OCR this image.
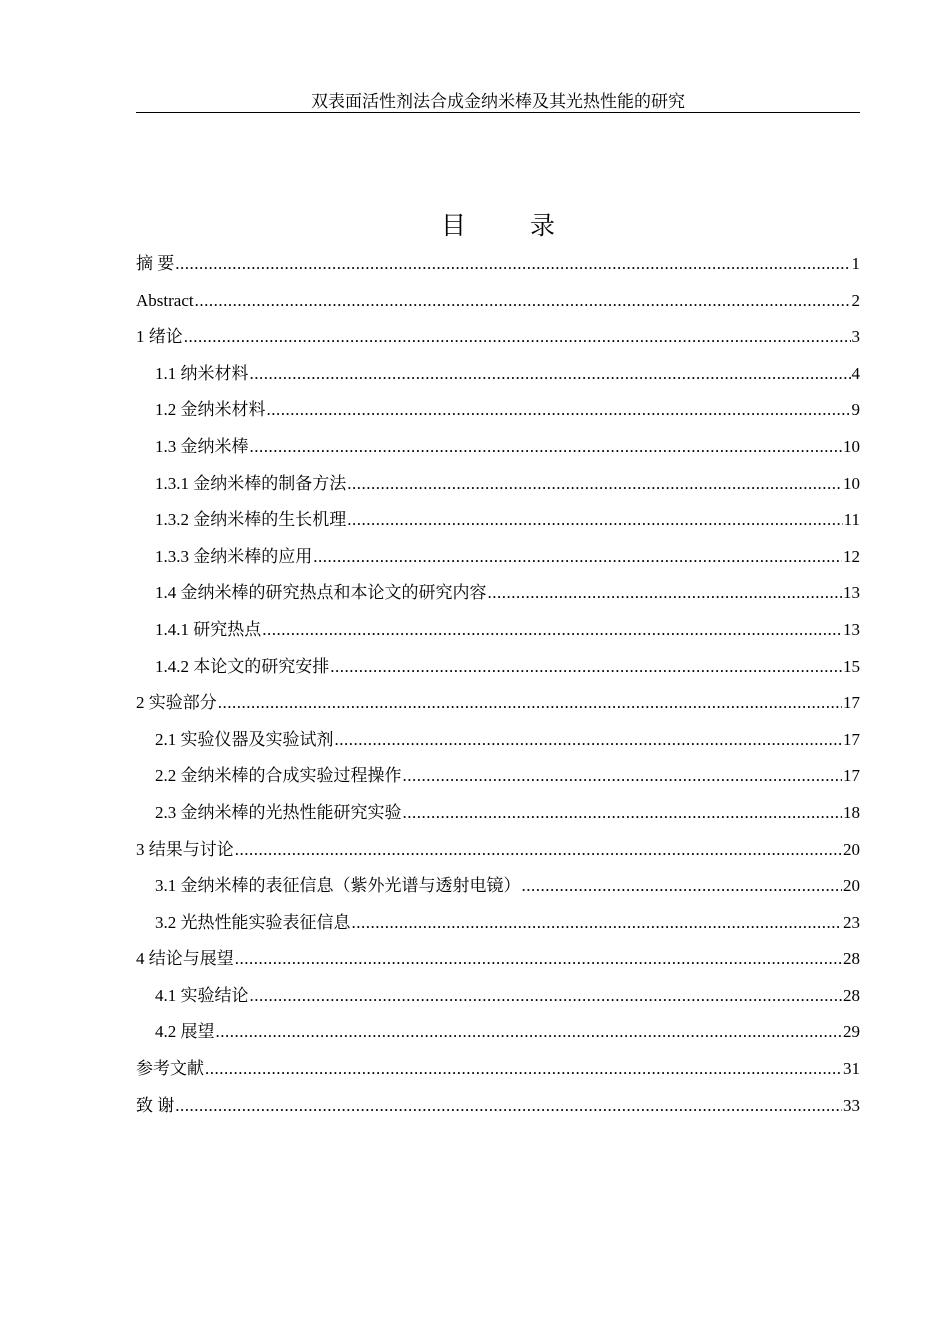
双表面活性剂法合成金纳米棒及其光热性能的研究
目 录
摘 要 .....	1
Abstract .....	2
1 绪论 .....	3
1.1 纳米材料 .....	4
1.2 金纳米材料 .....	9
1.3 金纳米棒 .....	10
1.3.1 金纳米棒的制备方法 .....	10
1.3.2 金纳米棒的生长机理 .....	11
1.3.3 金纳米棒的应用 .....	12
1.4 金纳米棒的研究热点和本论文的研究内容 .....	13
1.4.1 研究热点 .....	13
1.4.2 本论文的研究安排 .....	15
2 实验部分 .....	17
2.1 实验仪器及实验试剂 .....	17
2.2 金纳米棒的合成实验过程操作 .....	17
2.3 金纳米棒的光热性能研究实验 .....	18
3 结果与讨论 .....	20
3.1 金纳米棒的表征信息（紫外光谱与透射电镜） .....	20
3.2 光热性能实验表征信息 .....	23
4 结论与展望 .....	28
4.1 实验结论 .....	28
4.2 展望 .....	29
参考文献 .....	31
致 谢 .....	33
